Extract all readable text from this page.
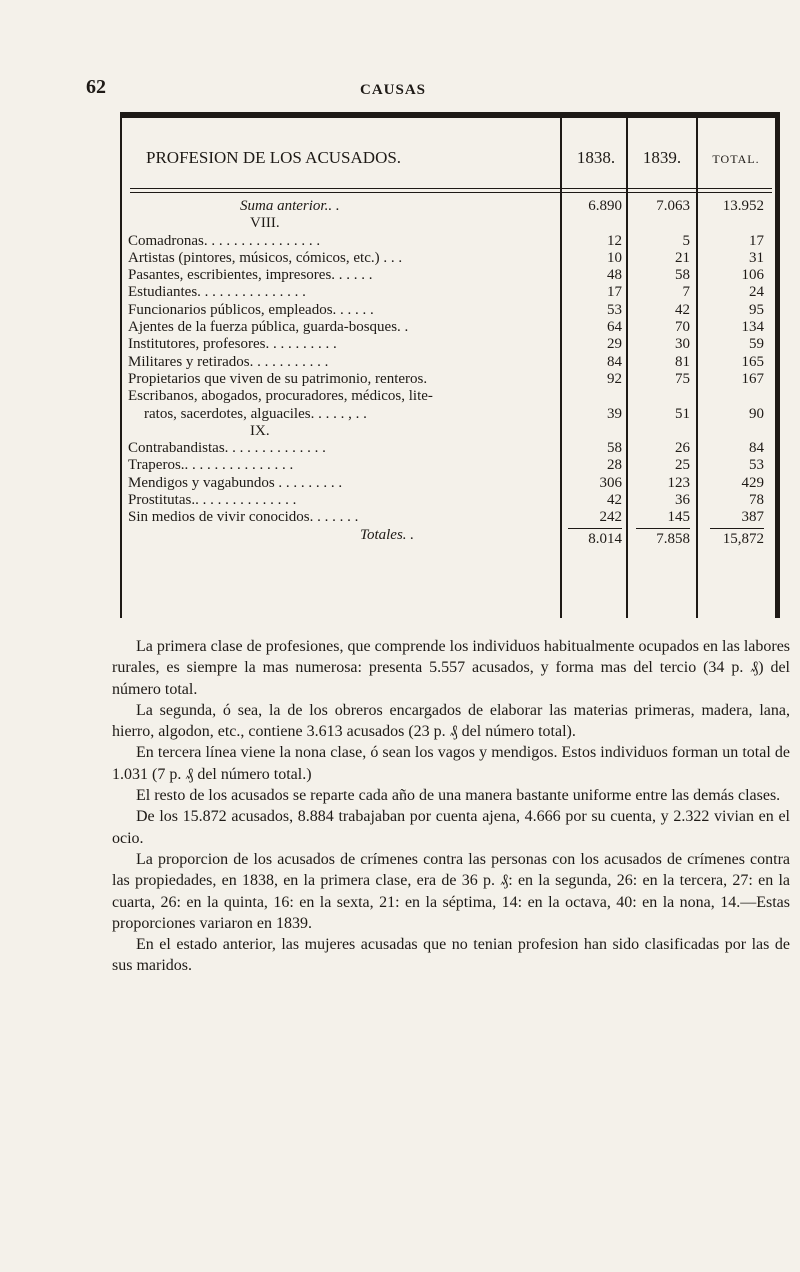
62	CAUSAS
PROFESION DE LOS ACUSADOS.	1838.	1839.	TOTAL.
Suma anterior.. .	6.890	7.063	13.952
VIII.
Comadronas. . . . . . . . . . . . . . . .	12	5	17
Artistas (pintores, músicos, cómicos, etc.) . . .	10	21	31
Pasantes, escribientes, impresores. . . . . .	48	58	106
Estudiantes. . . . . . . . . . . . . . .	17	7	24
Funcionarios públicos, empleados. . . . . .	53	42	95
Ajentes de la fuerza pública, guarda-bosques. .	64	70	134
Institutores, profesores. . . . . . . . . .	29	30	59
Militares y retirados. . . . . . . . . . .	84	81	165
Propietarios que viven de su patrimonio, renteros.	92	75	167
Escribanos, abogados, procuradores, médicos, lite-
ratos, sacerdotes, alguaciles. . . . . , . .	39	51	90
IX.
Contrabandistas. . . . . . . . . . . . . .	58	26	84
Traperos.. . . . . . . . . . . . . . .	28	25	53
Mendigos y vagabundos . . . . . . . . .	306	123	429
Prostitutas.. . . . . . . . . . . . . .	42	36	78
Sin medios de vivir conocidos. . . . . . .	242	145	387
Totales. .	8.014	7.858	15,872

La primera clase de profesiones, que comprende los individuos habitualmente ocupados en las labores rurales, es siempre la mas numerosa: presenta 5.557 acusados, y forma mas del tercio (34 p. ₰) del número total.

La segunda, ó sea, la de los obreros encargados de elaborar las materias primeras, madera, lana, hierro, algodon, etc., contiene 3.613 acusados (23 p. ₰ del número total).

En tercera línea viene la nona clase, ó sean los vagos y mendigos. Estos individuos forman un total de 1.031 (7 p. ₰ del número total.)

El resto de los acusados se reparte cada año de una manera bastante uniforme entre las demás clases.

De los 15.872 acusados, 8.884 trabajaban por cuenta ajena, 4.666 por su cuenta, y 2.322 vivian en el ocio.

La proporcion de los acusados de crímenes contra las personas con los acusados de crímenes contra las propiedades, en 1838, en la primera clase, era de 36 p. ₰: en la segunda, 26: en la tercera, 27: en la cuarta, 26: en la quinta, 16: en la sexta, 21: en la séptima, 14: en la octava, 40: en la nona, 14.—Estas proporciones variaron en 1839.

En el estado anterior, las mujeres acusadas que no tenian profesion han sido clasificadas por las de sus maridos.
